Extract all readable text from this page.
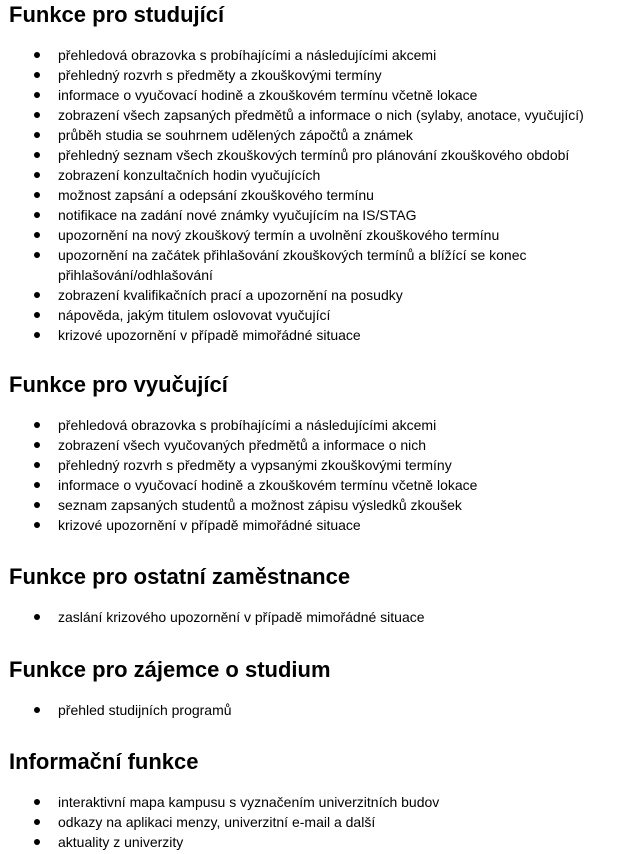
Funkce pro studující
přehledová obrazovka s probíhajícími a následujícími akcemi
přehledný rozvrh s předměty a zkouškovými termíny
informace o vyučovací hodině a zkouškovém termínu včetně lokace
zobrazení všech zapsaných předmětů a informace o nich (sylaby, anotace, vyučující)
průběh studia se souhrnem udělených zápočtů a známek
přehledný seznam všech zkouškových termínů pro plánování zkouškového období
zobrazení konzultačních hodin vyučujících
možnost zapsání a odepsání zkouškového termínu
notifikace na zadání nové známky vyučujícím na IS/STAG
upozornění na nový zkouškový termín a uvolnění zkouškového termínu
upozornění na začátek přihlašování zkouškových termínů a blížící se konec přihlašování/odhlašování
zobrazení kvalifikačních prací a upozornění na posudky
nápověda, jakým titulem oslovovat vyučující
krizové upozornění v případě mimořádné situace
Funkce pro vyučující
přehledová obrazovka s probíhajícími a následujícími akcemi
zobrazení všech vyučovaných předmětů a informace o nich
přehledný rozvrh s předměty a vypsanými zkouškovými termíny
informace o vyučovací hodině a zkouškovém termínu včetně lokace
seznam zapsaných studentů a možnost zápisu výsledků zkoušek
krizové upozornění v případě mimořádné situace
Funkce pro ostatní zaměstnance
zaslání krizového upozornění v případě mimořádné situace
Funkce pro zájemce o studium
přehled studijních programů
Informační funkce
interaktivní mapa kampusu s vyznačením univerzitních budov
odkazy na aplikaci menzy, univerzitní e-mail a další
aktuality z univerzity
